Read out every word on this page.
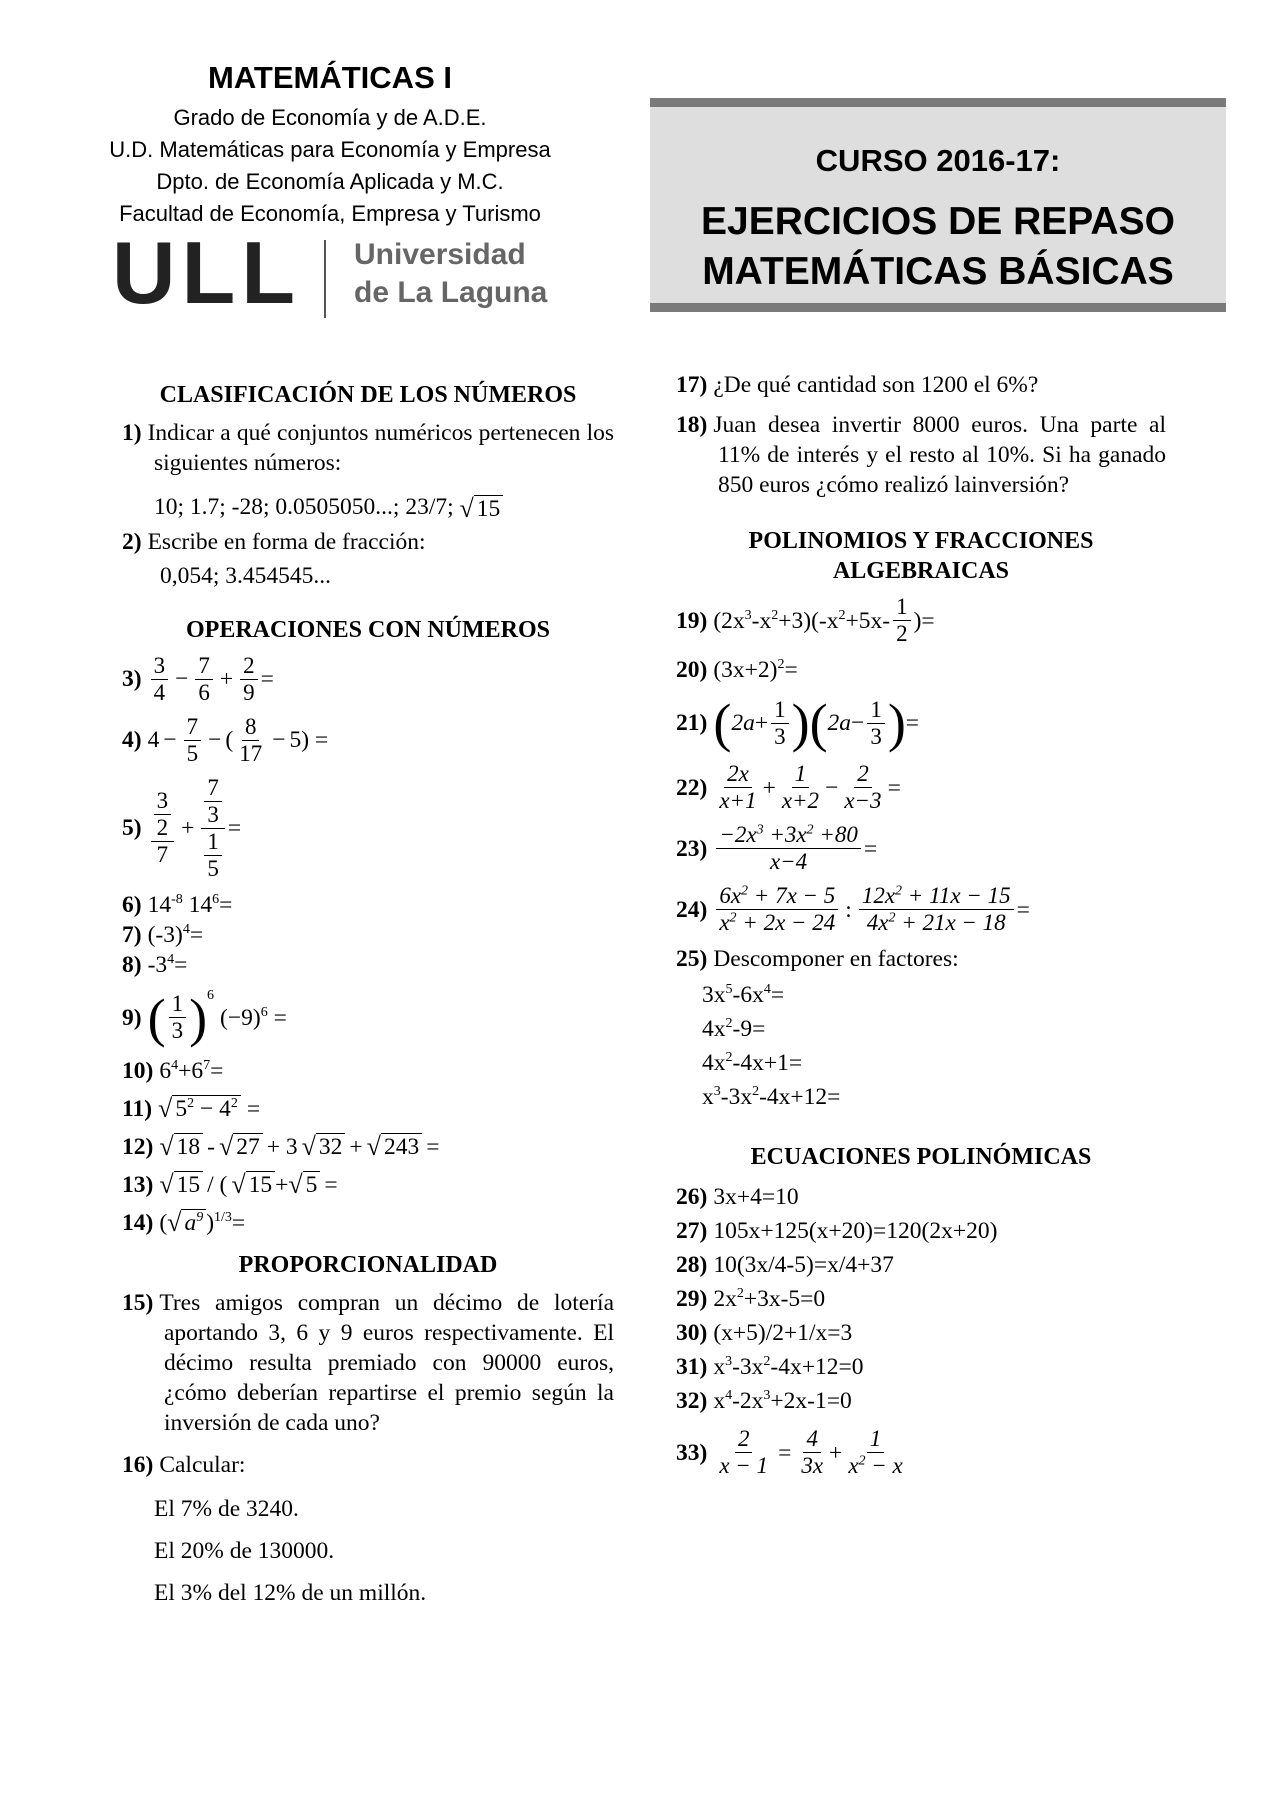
MATEMÁTICAS I
Grado de Economía y de A.D.E.
U.D. Matemáticas para Economía y Empresa
Dpto. de Economía Aplicada y M.C.
Facultad de Economía, Empresa y Turismo
ULL Universidad
de La Laguna
CURSO 2016-17:
EJERCICIOS DE REPASO
MATEMÁTICAS BÁSICAS
CLASIFICACIÓN DE LOS NÚMEROS
1) Indicar a qué conjuntos numéricos pertenecen los siguientes números:
10; 1.7; -28; 0.0505050...; 23/7; √ 15
2) Escribe en forma de fracción:
0,054; 3.454545...
OPERACIONES CON NÚMEROS
$3) \frac{3}{4} - \frac{7}{6} + \frac{2}{9}$ =
4) $4 - \frac{7}{5}$ − ( $\frac{8}{17} - 5$) =
$5) \frac{\frac{3}{2}}{7} + \frac{\frac{7}{3}}{\frac{1}{5}}$ =
6) $14^{-8}$ $14^6=$
7) $(-3)^4=$
8) $-3^4=$
9) ( $\frac{1}{3}$ ) 6
$(-9)^6$ =
10) $6^4+6^7=$
11) √ $5^2 - 4^2$ =
12) √ 18 - √ 27 + 3 √ 32 + √ 243 =
13) √ 15 / ( √ 15 + √ 5 =
14) ( √ $a^9$ )$^{1/3}$=
PROPORCIONALIDAD
15) Tres amigos compran un décimo de lotería aportando 3, 6 y 9 euros respectivamente. El décimo resulta premiado con 90000 euros, ¿cómo deberían repartirse el premio según la inversión de cada uno?
16) Calcular:
El 7% de 3240.
El 20% de 130000.
El 3% del 12% de un millón.
17) ¿De qué cantidad son 1200 el 6%?
18) Juan desea invertir 8000 euros. Una parte al 11% de interés y el resto al 10%. Si ha ganado 850 euros ¿cómo realizó lainversión?
POLINOMIOS Y FRACCIONES
ALGEBRAICAS
19) $(2x^3-x^2+3)(-x^2+5x- \frac{1}{2}$ )=
20) $(3x+2)^2=$
21) ( $2a + \frac{1}{3}$ ) ( $2a - \frac{1}{3}$ ) =
$22) \frac{2x}{x+1} + \frac{1}{x+2} - \frac{2}{x-3}$ =
$23) \frac{-2x^3 +3x^2 +80}{x-4}$ =
$24) \frac{6x^2 + 7x - 5}{x^2 + 2x - 24}$ : $\frac{12x^2 + 11x - 15}{4x^2 + 21x - 18}$ =
25) Descomponer en factores:
$3x^5-6x^4=$
$4x^2-9=$
$4x^2-4x+1=$
$x^3-3x^2-4x+12=$
ECUACIONES POLINÓMICAS
26) 3x+4=10
27) 105x+125(x+20)=120(2x+20)
28) 10(3x/4-5)=x/4+37
29) $2x^2+3x-5=0$
30) (x+5)/2+1/x=3
31) $x^3-3x^2-4x+12=0$
32) $x^4-2x^3+2x-1=0$
$33) \frac{2}{x - 1} = \frac{4}{3x} + \frac{1}{x^2 - x}$
